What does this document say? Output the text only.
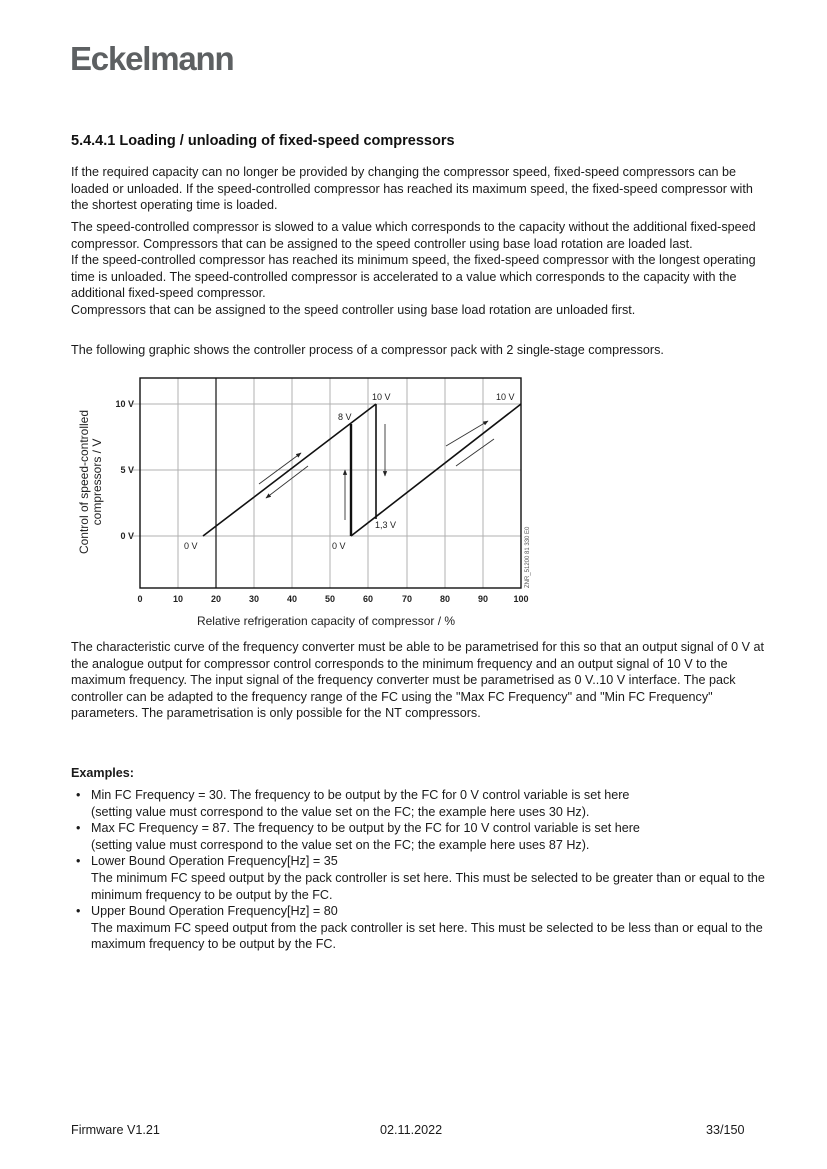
Eckelmann
5.4.4.1 Loading / unloading of fixed-speed compressors

If the required capacity can no longer be provided by changing the compressor speed, fixed-speed compressors can be loaded or unloaded. If the speed-controlled compressor has reached its maximum speed, the fixed-speed compressor with the shortest operating time is loaded.

The speed-controlled compressor is slowed to a value which corresponds to the capacity without the additional fixed-speed compressor. Compressors that can be assigned to the speed controller using base load rotation are loaded last.

If the speed-controlled compressor has reached its minimum speed, the fixed-speed compressor with the longest operating time is unloaded. The speed-controlled compressor is accelerated to a value which corresponds to the capacity with the additional fixed-speed compressor.

Compressors that can be assigned to the speed controller using base load rotation are unloaded first.

The following graphic shows the controller process of a compressor pack with 2 single-stage compressors.

0 V
8 V
10 V
0 V
1,3 V
10 V
10 V
5 V
0 V
0	10	20	30	40	50	60	70	80	90	100
Relative refrigeration capacity of compressor / %
Control of speed-controlled compressors / V
ZNR_51200 81 330 E0

The characteristic curve of the frequency converter must be able to be parametrised for this so that an output signal of 0 V at the analogue output for compressor control corresponds to the minimum frequency and an output signal of 10 V to the maximum frequency. The input signal of the frequency converter must be parametrised as 0 V..10 V interface. The pack controller can be adapted to the frequency range of the FC using the "Max FC Frequency" and "Min FC Frequency" parameters. The parametrisation is only possible for the NT compressors.

Examples:
• Min FC Frequency = 30. The frequency to be output by the FC for 0 V control variable is set here
(setting value must correspond to the value set on the FC; the example here uses 30 Hz).
• Max FC Frequency = 87. The frequency to be output by the FC for 10 V control variable is set here
(setting value must correspond to the value set on the FC; the example here uses 87 Hz).
• Lower Bound Operation Frequency[Hz] = 35
The minimum FC speed output by the pack controller is set here. This must be selected to be greater than or equal to the minimum frequency to be output by the FC.
• Upper Bound Operation Frequency[Hz] = 80
The maximum FC speed output from the pack controller is set here. This must be selected to be less than or equal to the maximum frequency to be output by the FC.
Firmware V1.21	02.11.2022	33/150
